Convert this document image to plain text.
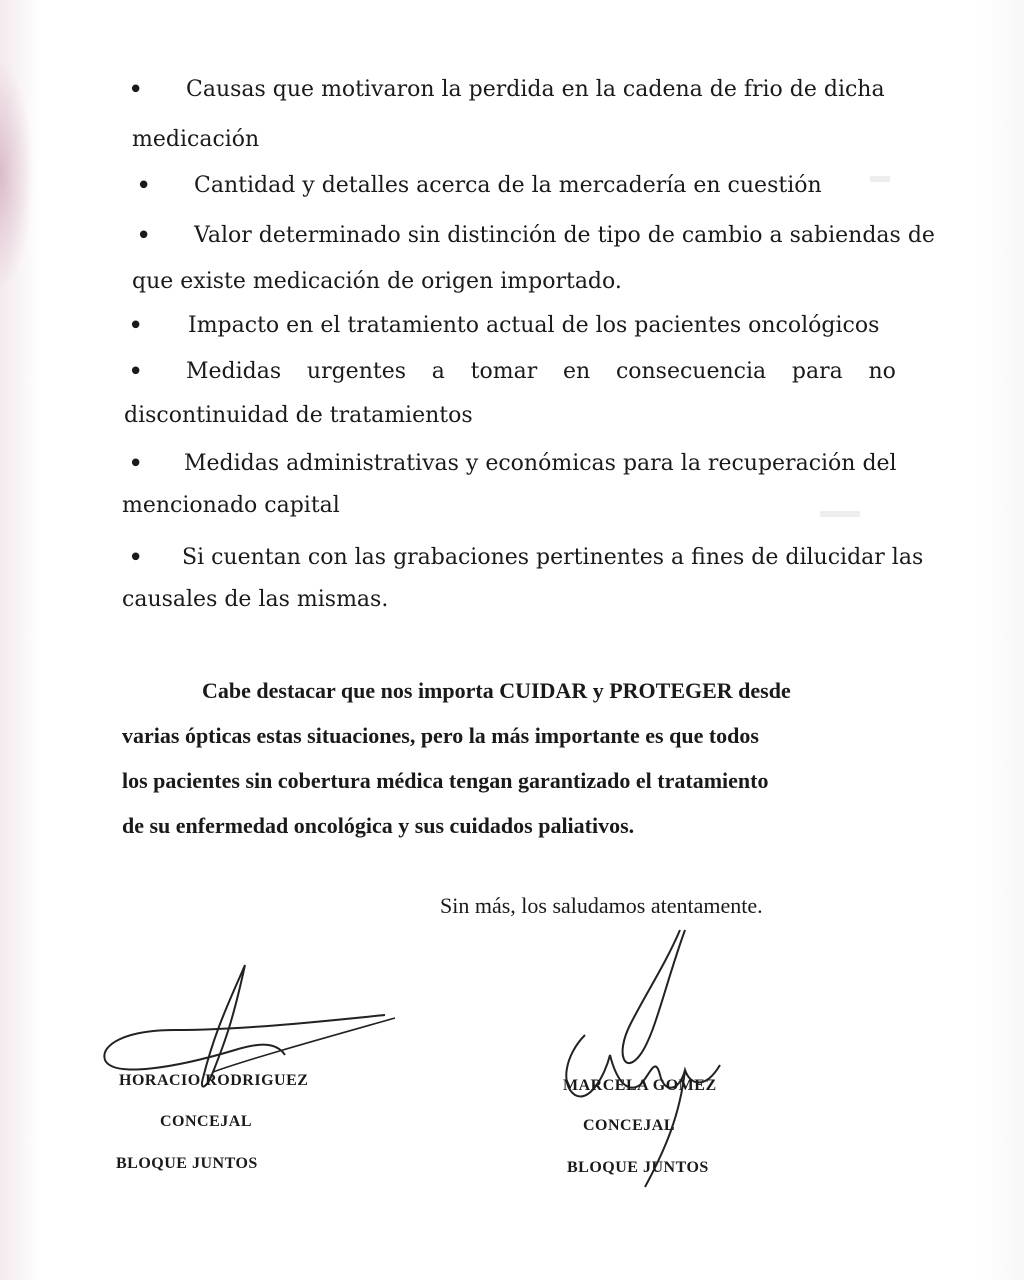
▬
▬▬
• Causas que motivaron la perdida en la cadena de frio de dicha
medicación
• Cantidad y detalles acerca de la mercadería en cuestión
• Valor determinado sin distinción de tipo de cambio a sabiendas de
que existe medicación de origen importado.
• Impacto en el tratamiento actual de los pacientes oncológicos
• Medidas urgentes a tomar en consecuencia para no
discontinuidad de tratamientos
• Medidas administrativas y económicas para la recuperación del
mencionado capital
• Si cuentan con las grabaciones pertinentes a fines de dilucidar las
causales de las mismas.
Cabe destacar que nos importa CUIDAR y PROTEGER desde
varias ópticas estas situaciones, pero la más importante es que todos
los pacientes sin cobertura médica tengan garantizado el tratamiento
de su enfermedad oncológica y sus cuidados paliativos.
Sin más, los saludamos atentamente.
HORACIO RODRIGUEZ
CONCEJAL
BLOQUE JUNTOS
MARCELA GOMEZ
CONCEJAL
BLOQUE JUNTOS
